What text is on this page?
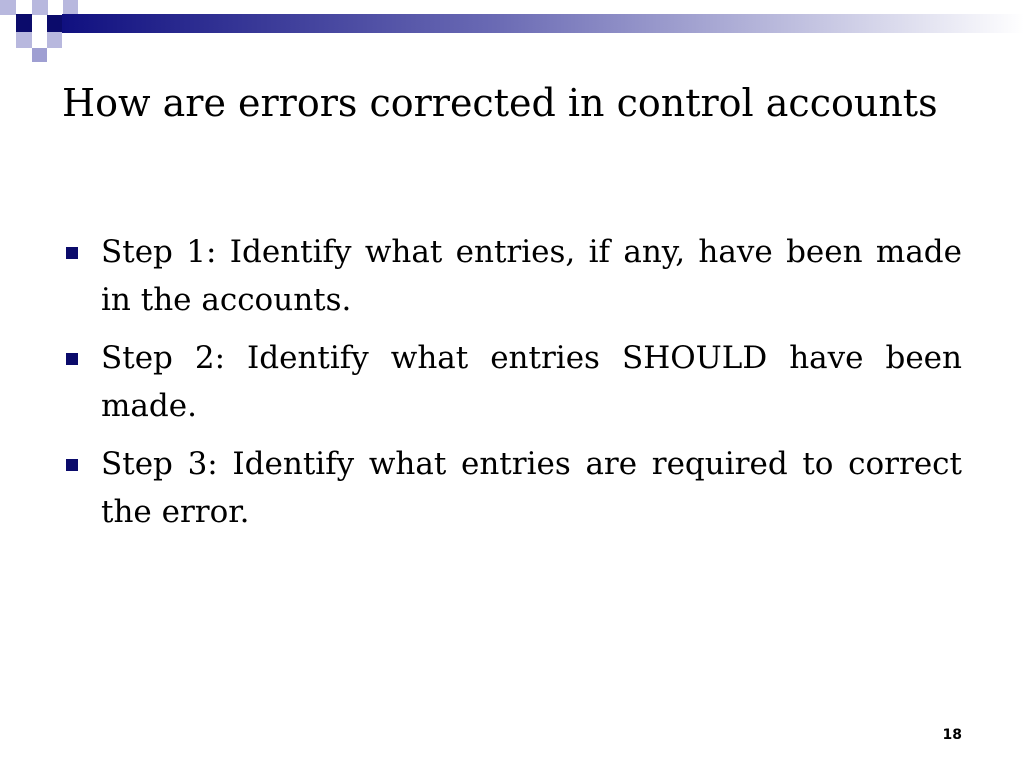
How are errors corrected in control accounts
Step 1: Identify what entries, if any, have been made in the accounts.
Step 2: Identify what entries SHOULD have been made.
Step 3: Identify what entries are required to correct the error.
18
